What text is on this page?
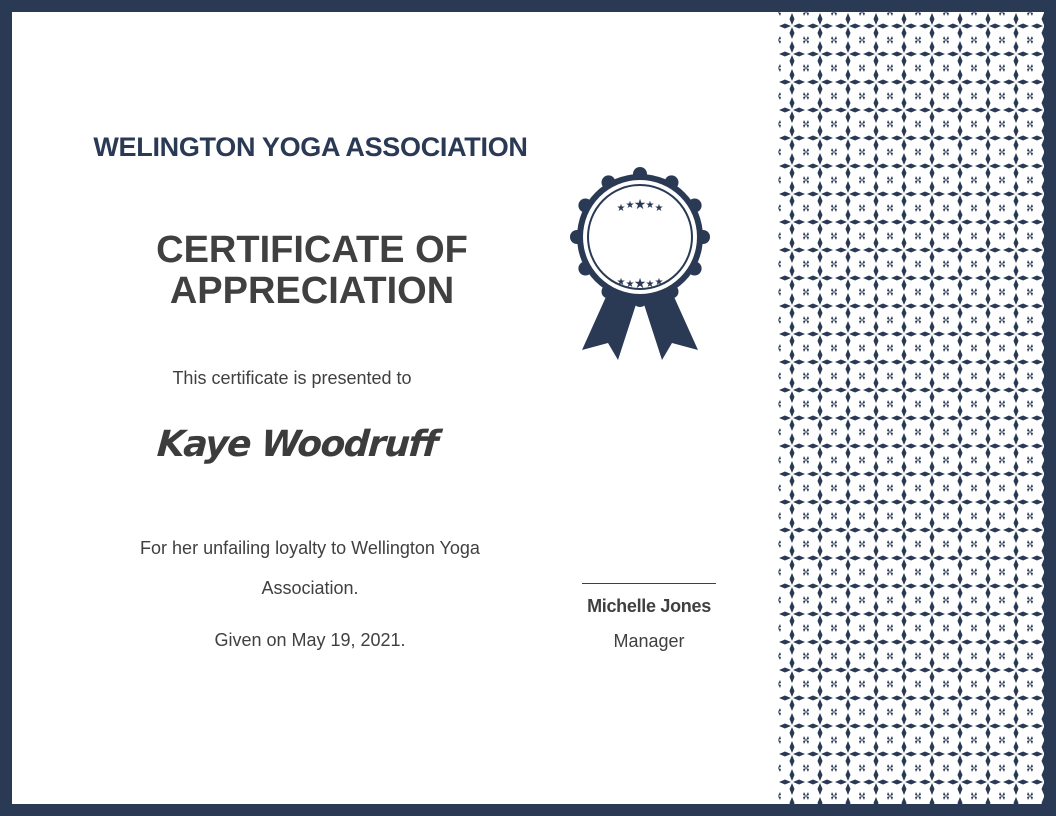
WELINGTON YOGA ASSOCIATION
CERTIFICATE OF APPRECIATION
This certificate is presented to
Kaye Woodruff
For her unfailing loyalty to Wellington Yoga Association.
Given on May 19, 2021.
★ ★ ★ ★ ★
★ ★ ★ ★ ★
Michelle Jones
Manager
